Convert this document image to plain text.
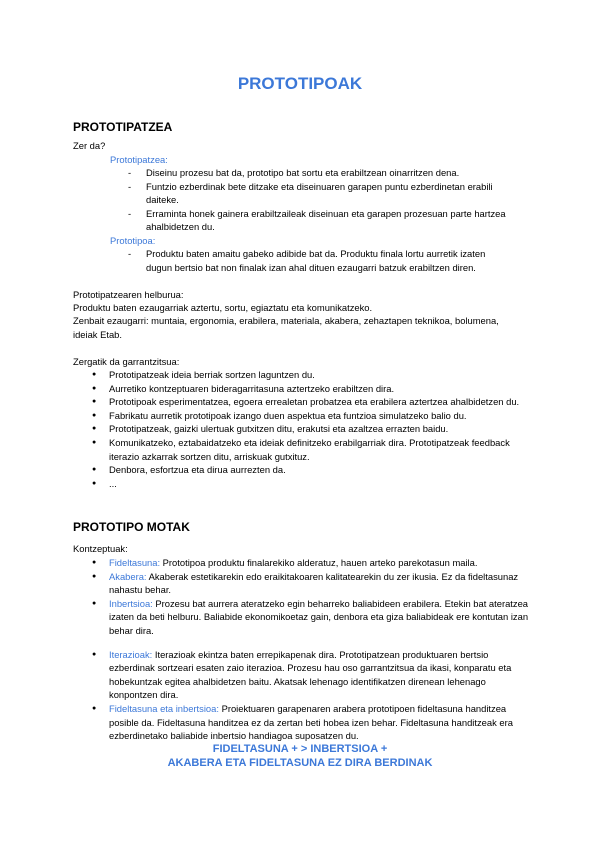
PROTOTIPOAK
PROTOTIPATZEA
Zer da?
Prototipatzea:
- Diseinu prozesu bat da, prototipo bat sortu eta erabiltzean oinarritzen dena.
- Funtzio ezberdinak bete ditzake eta diseinuaren garapen puntu ezberdinetan erabili daiteke.
- Erraminta honek gainera erabiltzaileak diseinuan eta garapen prozesuan parte hartzea ahalbidetzen du.
Prototipoa:
- Produktu baten amaitu gabeko adibide bat da. Produktu finala lortu aurretik izaten dugun bertsio bat non finalak izan ahal dituen ezaugarri batzuk erabiltzen diren.
Prototipatzearen helburua:
Produktu baten ezaugarriak aztertu, sortu, egiaztatu eta komunikatzeko.
Zenbait ezaugarri: muntaia, ergonomia, erabilera, materiala, akabera, zehaztapen teknikoa, bolumena, ideiak Etab.
Zergatik da garrantzitsua:
● Prototipatzeak ideia berriak sortzen laguntzen du.
● Aurretiko kontzeptuaren bideragarritasuna aztertzeko erabiltzen dira.
● Prototipoak esperimentatzea, egoera errealetan probatzea eta erabilera aztertzea ahalbidetzen du.
● Fabrikatu aurretik prototipoak izango duen aspektua eta funtzioa simulatzeko balio du.
● Prototipatzeak, gaizki ulertuak gutxitzen ditu, erakutsi eta azaltzea errazten baidu.
● Komunikatzeko, eztabaidatzeko eta ideiak definitzeko erabilgarriak dira. Prototipatzeak feedback iterazio azkarrak sortzen ditu, arriskuak gutxituz.
● Denbora, esfortzua eta dirua aurrezten da.
● ...
PROTOTIPO MOTAK
Kontzeptuak:
● Fideltasuna: Prototipoa produktu finalarekiko alderatuz, hauen arteko parekotasun maila.
● Akabera: Akaberak estetikarekin edo eraikitakoaren kalitatearekin du zer ikusia. Ez da fideltasunaz nahastu behar.
● Inbertsioa: Prozesu bat aurrera ateratzeko egin beharreko baliabideen erabilera. Etekin bat ateratzea izaten da beti helburu. Baliabide ekonomikoetaz gain, denbora eta giza baliabideak ere kontutan izan behar dira.
● Iterazioak: Iterazioak ekintza baten errepikapenak dira. Prototipatzean produktuaren bertsio ezberdinak sortzeari esaten zaio iterazioa. Prozesu hau oso garrantzitsua da ikasi, konparatu eta hobekuntzak egitea ahalbidetzen baitu. Akatsak lehenago identifikatzen direnean lehenago konpontzen dira.
● Fideltasuna eta inbertsioa: Proiektuaren garapenaren arabera prototipoen fideltasuna handitzea posible da. Fideltasuna handitzea ez da zertan beti hobea izen behar. Fideltasuna handitzeak era ezberdinetako baliabide inbertsio handiagoa suposatzen du.
FIDELTASUNA + > INBERTSIOA +
AKABERA ETA FIDELTASUNA EZ DIRA BERDINAK
